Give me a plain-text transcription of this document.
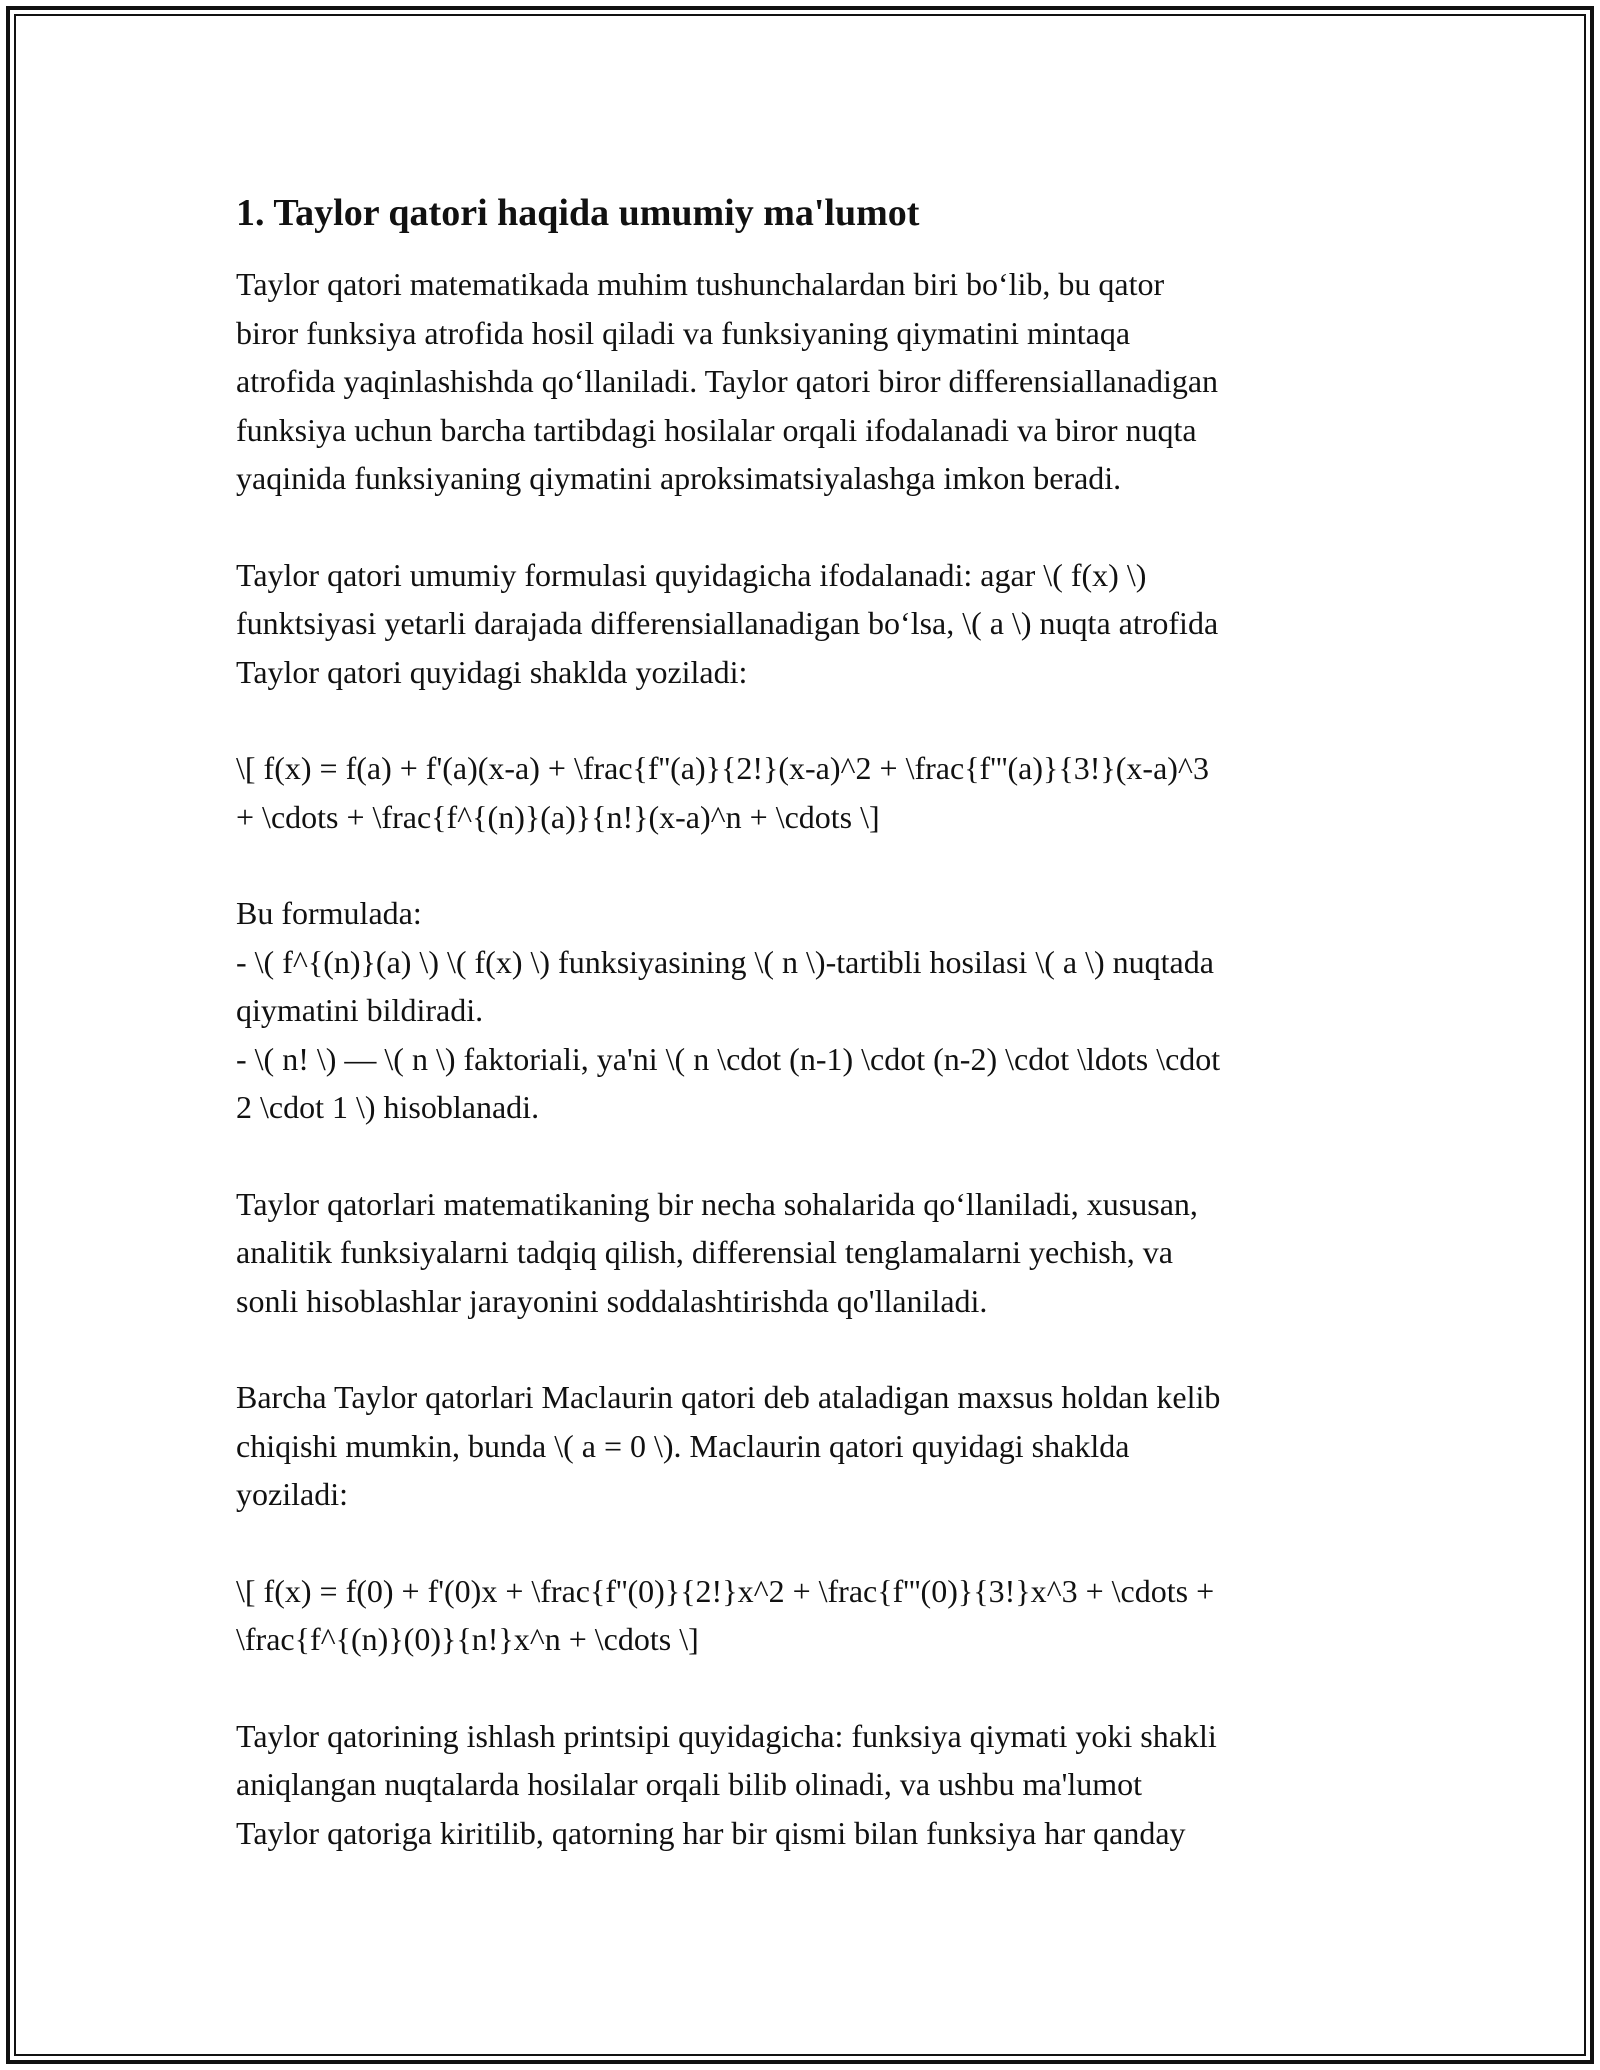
1. Taylor qatori haqida umumiy ma'lumot

Taylor qatori matematikada muhim tushunchalardan biri bo‘lib, bu qator
biror funksiya atrofida hosil qiladi va funksiyaning qiymatini mintaqa
atrofida yaqinlashishda qo‘llaniladi. Taylor qatori biror differensiallanadigan
funksiya uchun barcha tartibdagi hosilalar orqali ifodalanadi va biror nuqta
yaqinida funksiyaning qiymatini aproksimatsiyalashga imkon beradi.

Taylor qatori umumiy formulasi quyidagicha ifodalanadi: agar \( f(x) \)
funktsiyasi yetarli darajada differensiallanadigan bo‘lsa, \( a \) nuqta atrofida
Taylor qatori quyidagi shaklda yoziladi:

\[ f(x) = f(a) + f'(a)(x-a) + \frac{f''(a)}{2!}(x-a)^2 + \frac{f'''(a)}{3!}(x-a)^3
+ \cdots + \frac{f^{(n)}(a)}{n!}(x-a)^n + \cdots \]

Bu formulada:
- \( f^{(n)}(a) \) \( f(x) \) funksiyasining \( n \)-tartibli hosilasi \( a \) nuqtada
qiymatini bildiradi.
- \( n! \) — \( n \) faktoriali, ya'ni \( n \cdot (n-1) \cdot (n-2) \cdot \ldots \cdot
2 \cdot 1 \) hisoblanadi.

Taylor qatorlari matematikaning bir necha sohalarida qo‘llaniladi, xususan,
analitik funksiyalarni tadqiq qilish, differensial tenglamalarni yechish, va
sonli hisoblashlar jarayonini soddalashtirishda qo'llaniladi.

Barcha Taylor qatorlari Maclaurin qatori deb ataladigan maxsus holdan kelib
chiqishi mumkin, bunda \( a = 0 \). Maclaurin qatori quyidagi shaklda
yoziladi:

\[ f(x) = f(0) + f'(0)x + \frac{f''(0)}{2!}x^2 + \frac{f'''(0)}{3!}x^3 + \cdots +
\frac{f^{(n)}(0)}{n!}x^n + \cdots \]

Taylor qatorining ishlash printsipi quyidagicha: funksiya qiymati yoki shakli
aniqlangan nuqtalarda hosilalar orqali bilib olinadi, va ushbu ma'lumot
Taylor qatoriga kiritilib, qatorning har bir qismi bilan funksiya har qanday
